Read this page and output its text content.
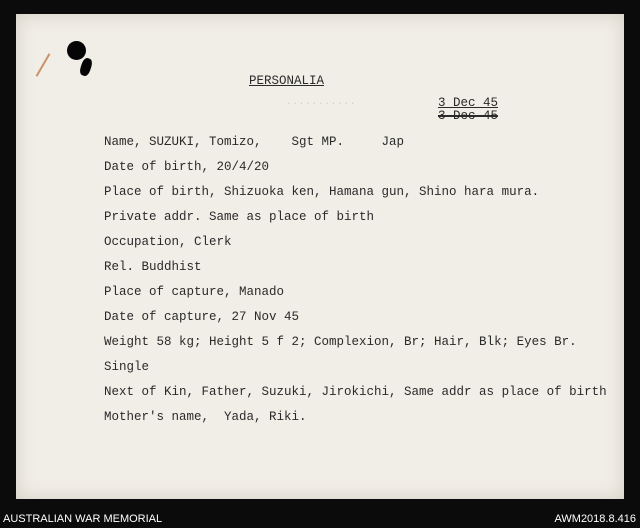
PERSONALIA
...........	3 Dec 45
3 Dec 45
Name, SUZUKI, Tomizo,    Sgt MP.     Jap
Date of birth, 20/4/20
Place of birth, Shizuoka ken, Hamana gun, Shino hara mura.
Private addr. Same as place of birth
Occupation, Clerk
Rel. Buddhist
Place of capture, Manado
Date of capture, 27 Nov 45
Weight 58 kg; Height 5 f 2; Complexion, Br; Hair, Blk; Eyes Br.
Single
Next of Kin, Father, Suzuki, Jirokichi, Same addr as place of birth
Mother's name,  Yada, Riki.
AUSTRALIAN WAR MEMORIAL	AWM2018.8.416
